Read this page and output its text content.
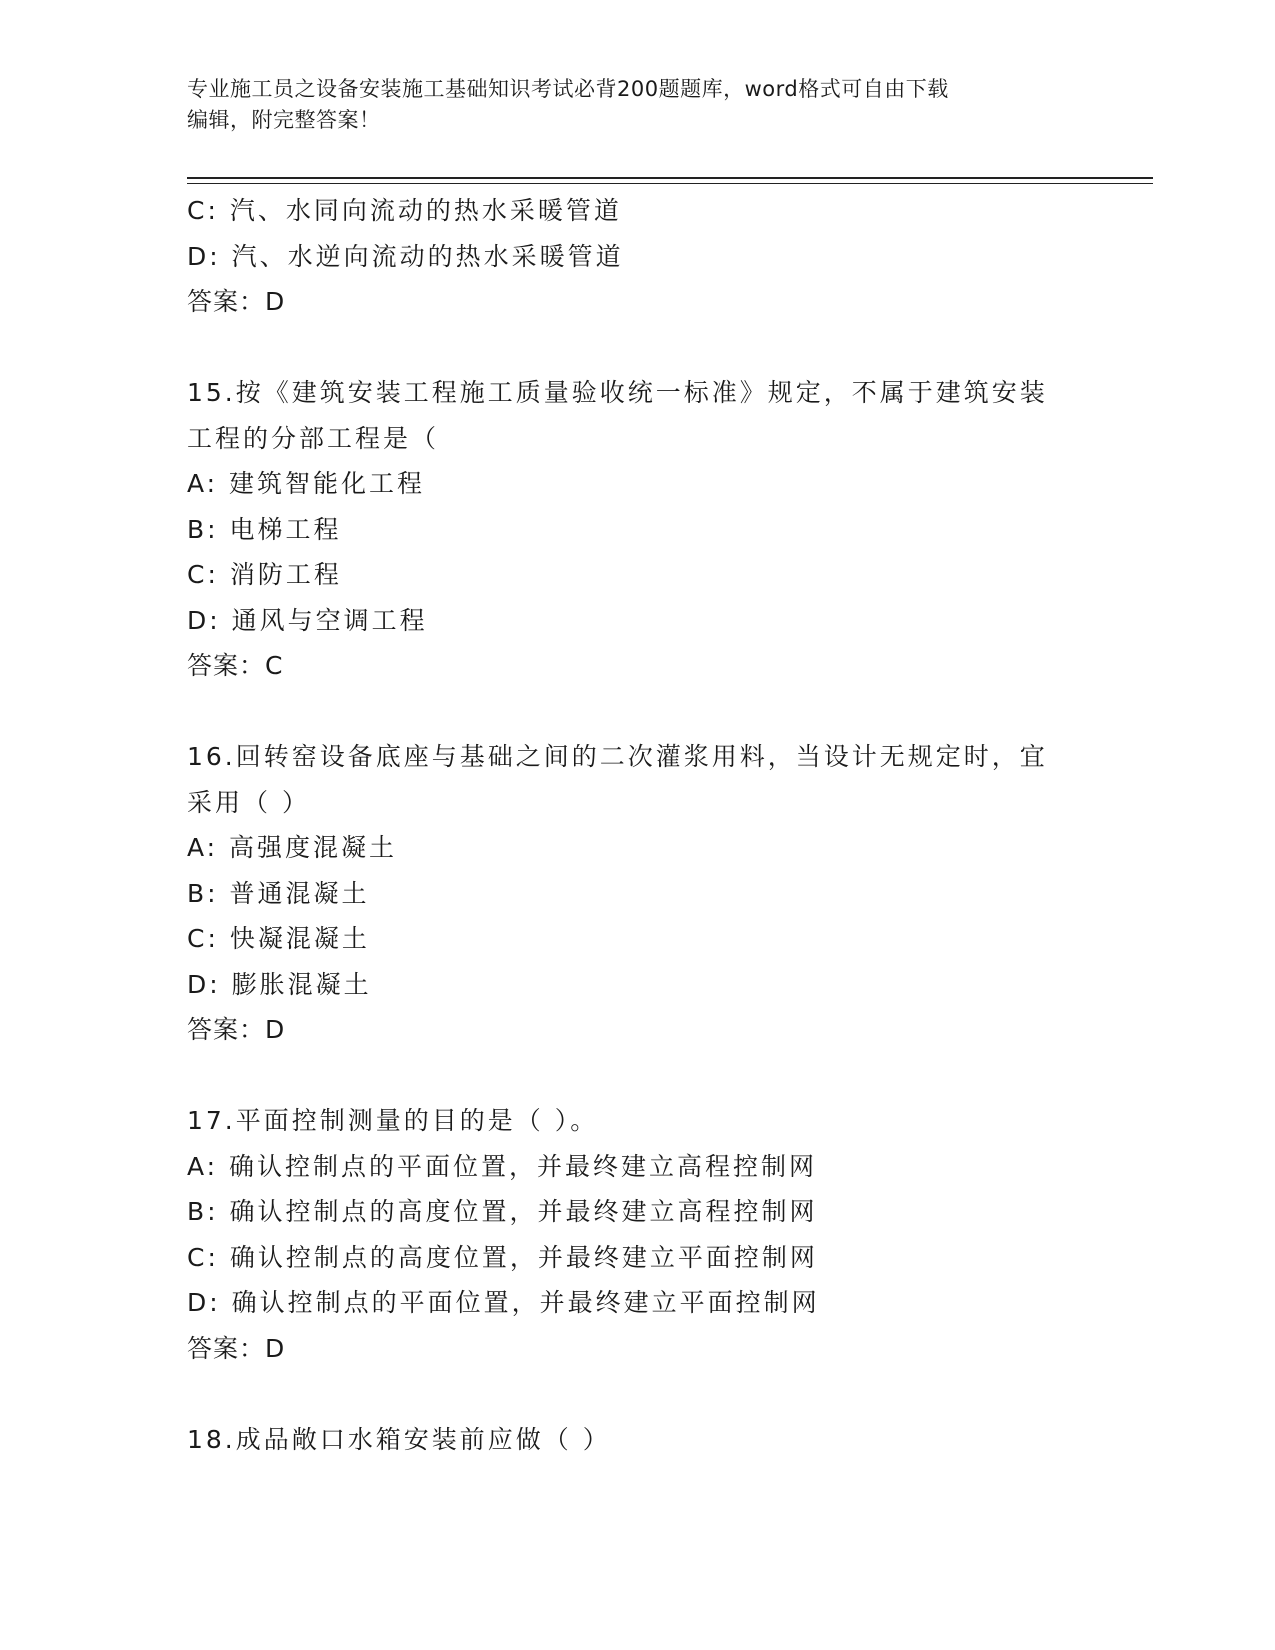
专业施工员之设备安装施工基础知识考试必背200题题库，word格式可自由下载
编辑，附完整答案！
C: 汽、水同向流动的热水采暖管道
D: 汽、水逆向流动的热水采暖管道
答案：D
15.按《建筑安装工程施工质量验收统一标准》规定，不属于建筑安装
工程的分部工程是（
A: 建筑智能化工程
B: 电梯工程
C: 消防工程
D: 通风与空调工程
答案：C
16.回转窑设备底座与基础之间的二次灌浆用料，当设计无规定时，宜
采用（ ）
A: 高强度混凝土
B: 普通混凝土
C: 快凝混凝土
D: 膨胀混凝土
答案：D
17.平面控制测量的目的是（ ）。
A: 确认控制点的平面位置，并最终建立高程控制网
B: 确认控制点的高度位置，并最终建立高程控制网
C: 确认控制点的高度位置，并最终建立平面控制网
D: 确认控制点的平面位置，并最终建立平面控制网
答案：D
18.成品敞口水箱安装前应做（ ）
